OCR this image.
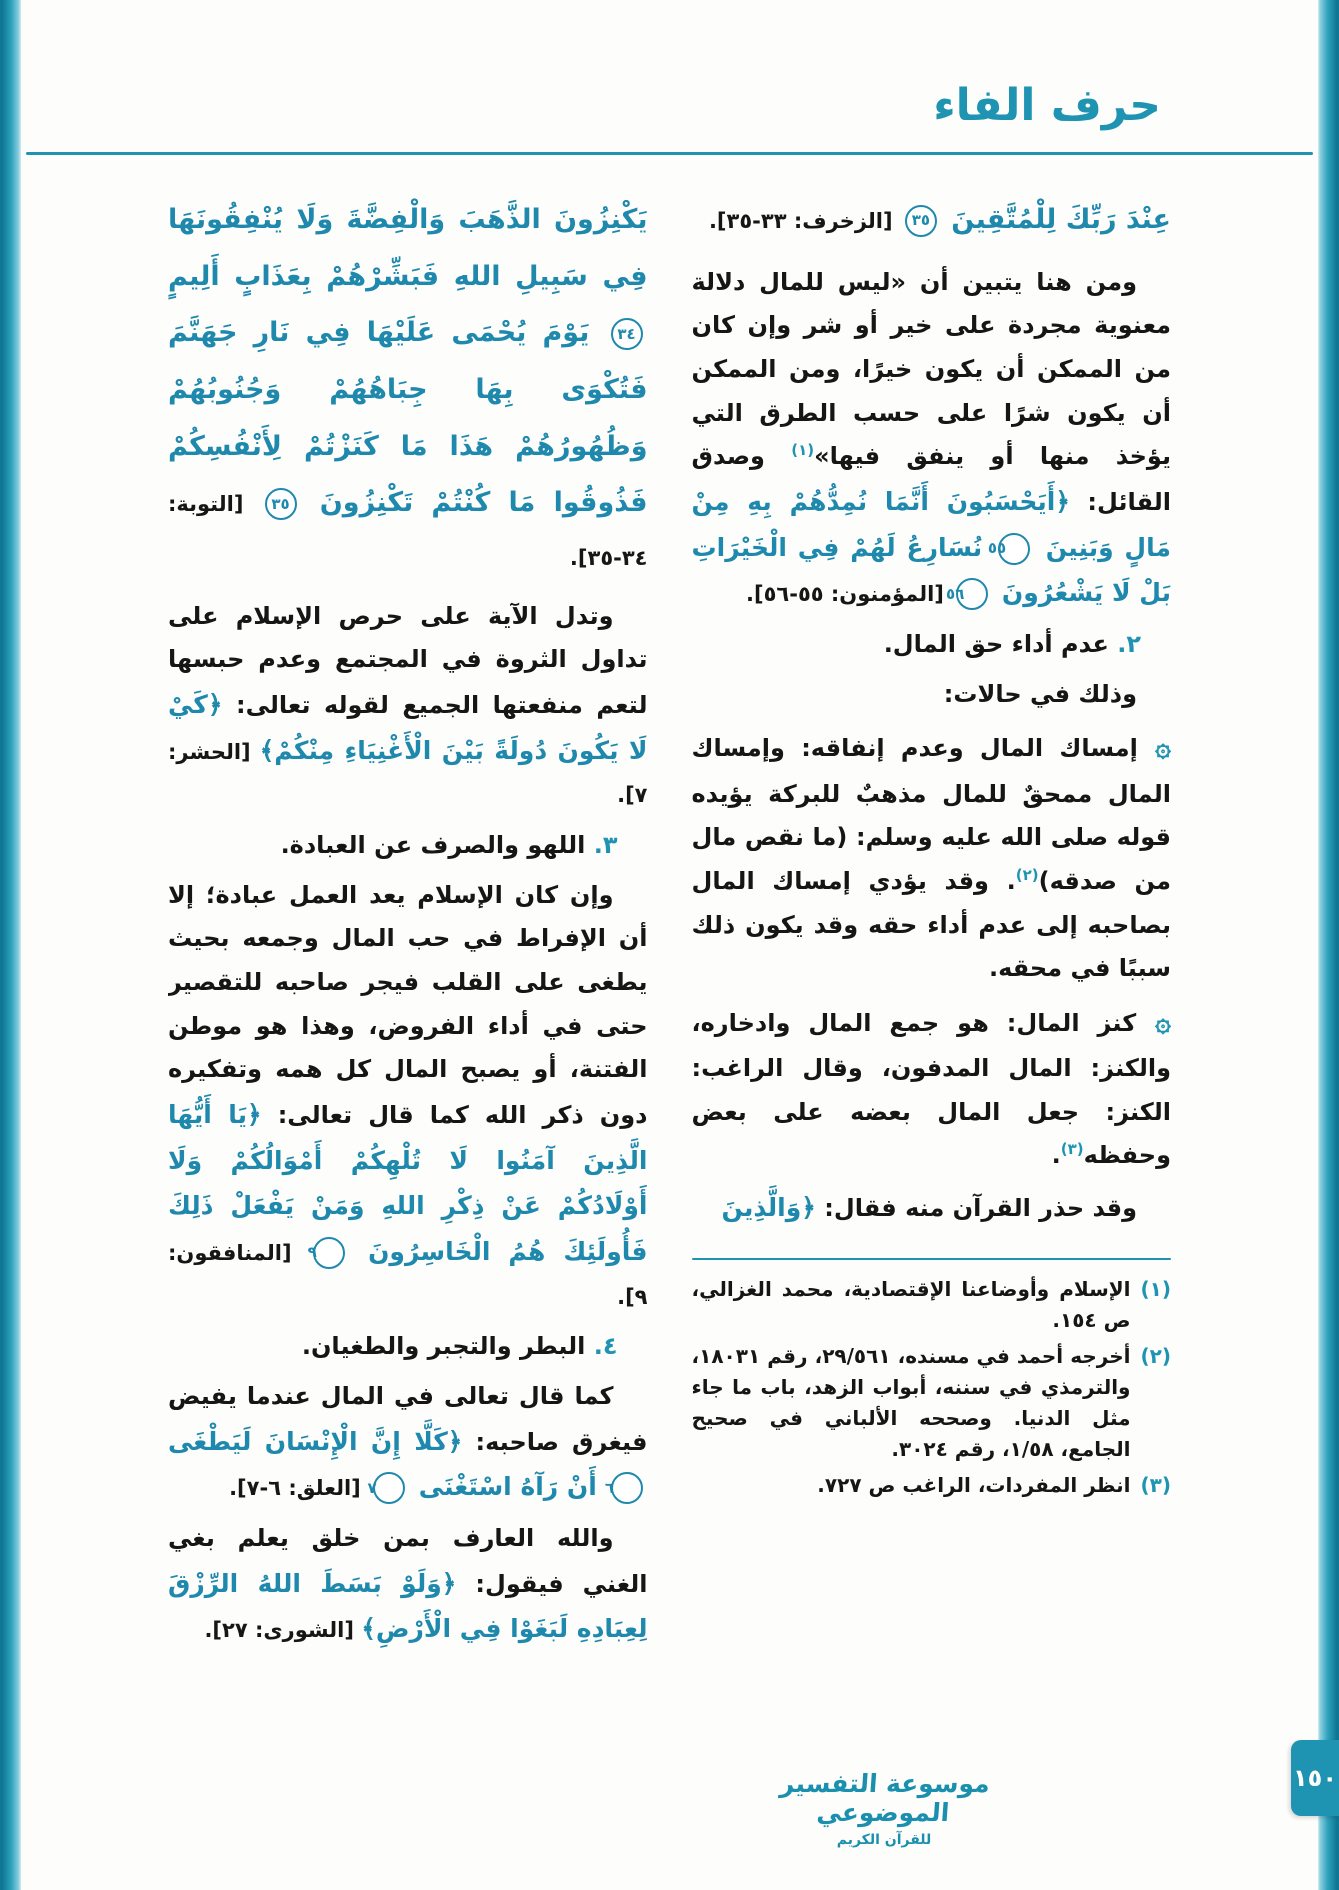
حرف الفاء

عِنْدَ رَبِّكَ لِلْمُتَّقِينَ ٣٥ [الزخرف: ٣٣-٣٥].

ومن هنا يتبين أن «ليس للمال دلالة معنوية مجردة على خير أو شر وإن كان من الممكن أن يكون خيرًا، ومن الممكن أن يكون شرًا على حسب الطرق التي يؤخذ منها أو ينفق فيها»$^{(١)}$ وصدق القائل: ﴿أَيَحْسَبُونَ أَنَّمَا نُمِدُّهُمْ بِهِ مِنْ مَالٍ وَبَنِينَ ٥٥ نُسَارِعُ لَهُمْ فِي الْخَيْرَاتِ بَلْ لَا يَشْعُرُونَ ٥٦ [المؤمنون: ٥٥-٥٦].

٢. عدم أداء حق المال.

وذلك في حالات:

۞ إمساك المال وعدم إنفاقه: وإمساك المال ممحقٌ للمال مذهبٌ للبركة يؤيده قوله صلى الله عليه وسلم: (ما نقص مال من صدقه)$^{(٢)}$. وقد يؤدي إمساك المال بصاحبه إلى عدم أداء حقه وقد يكون ذلك سببًا في محقه.

۞ كنز المال: هو جمع المال وادخاره، والكنز: المال المدفون، وقال الراغب: الكنز: جعل المال بعضه على بعض وحفظه$^{(٣)}$.

وقد حذر القرآن منه فقال: ﴿وَالَّذِينَ

(١)
الإسلام وأوضاعنا الإقتصادية، محمد الغزالي، ص ١٥٤.
(٢)
أخرجه أحمد في مسنده، ٢٩/٥٦١، رقم ١٨٠٣١، والترمذي في سننه، أبواب الزهد، باب ما جاء مثل الدنيا. وصححه الألباني في صحيح الجامع، ١/٥٨، رقم ٣٠٢٤.
(٣)
انظر المفردات، الراغب ص ٧٢٧.

يَكْنِزُونَ الذَّهَبَ وَالْفِضَّةَ وَلَا يُنْفِقُونَهَا فِي سَبِيلِ اللهِ فَبَشِّرْهُمْ بِعَذَابٍ أَلِيمٍ ٣٤ يَوْمَ يُحْمَى عَلَيْهَا فِي نَارِ جَهَنَّمَ فَتُكْوَى بِهَا جِبَاهُهُمْ وَجُنُوبُهُمْ وَظُهُورُهُمْ هَذَا مَا كَنَزْتُمْ لِأَنْفُسِكُمْ فَذُوقُوا مَا كُنْتُمْ تَكْنِزُونَ ٣٥ [التوبة: ٣٤-٣٥].

وتدل الآية على حرص الإسلام على تداول الثروة في المجتمع وعدم حبسها لتعم منفعتها الجميع لقوله تعالى: ﴿كَيْ لَا يَكُونَ دُولَةً بَيْنَ الْأَغْنِيَاءِ مِنْكُمْ﴾ [الحشر: ٧].

٣. اللهو والصرف عن العبادة.

وإن كان الإسلام يعد العمل عبادة؛ إلا أن الإفراط في حب المال وجمعه بحيث يطغى على القلب فيجر صاحبه للتقصير حتى في أداء الفروض، وهذا هو موطن الفتنة، أو يصبح المال كل همه وتفكيره دون ذكر الله كما قال تعالى: ﴿يَا أَيُّهَا الَّذِينَ آمَنُوا لَا تُلْهِكُمْ أَمْوَالُكُمْ وَلَا أَوْلَادُكُمْ عَنْ ذِكْرِ اللهِ وَمَنْ يَفْعَلْ ذَلِكَ فَأُولَئِكَ هُمُ الْخَاسِرُونَ ٩ [المنافقون: ٩].

٤. البطر والتجبر والطغيان.

كما قال تعالى في المال عندما يفيض فيغرق صاحبه: ﴿كَلَّا إِنَّ الْإِنْسَانَ لَيَطْغَى ٦ أَنْ رَآهُ اسْتَغْنَى ٧ [العلق: ٦-٧].

والله العارف بمن خلق يعلم بغي الغني فيقول: ﴿وَلَوْ بَسَطَ اللهُ الرِّزْقَ لِعِبَادِهِ لَبَغَوْا فِي الْأَرْضِ﴾ [الشورى: ٢٧].

موسوعة التفسير الموضوعي
للقرآن الكريم
١٥٠
